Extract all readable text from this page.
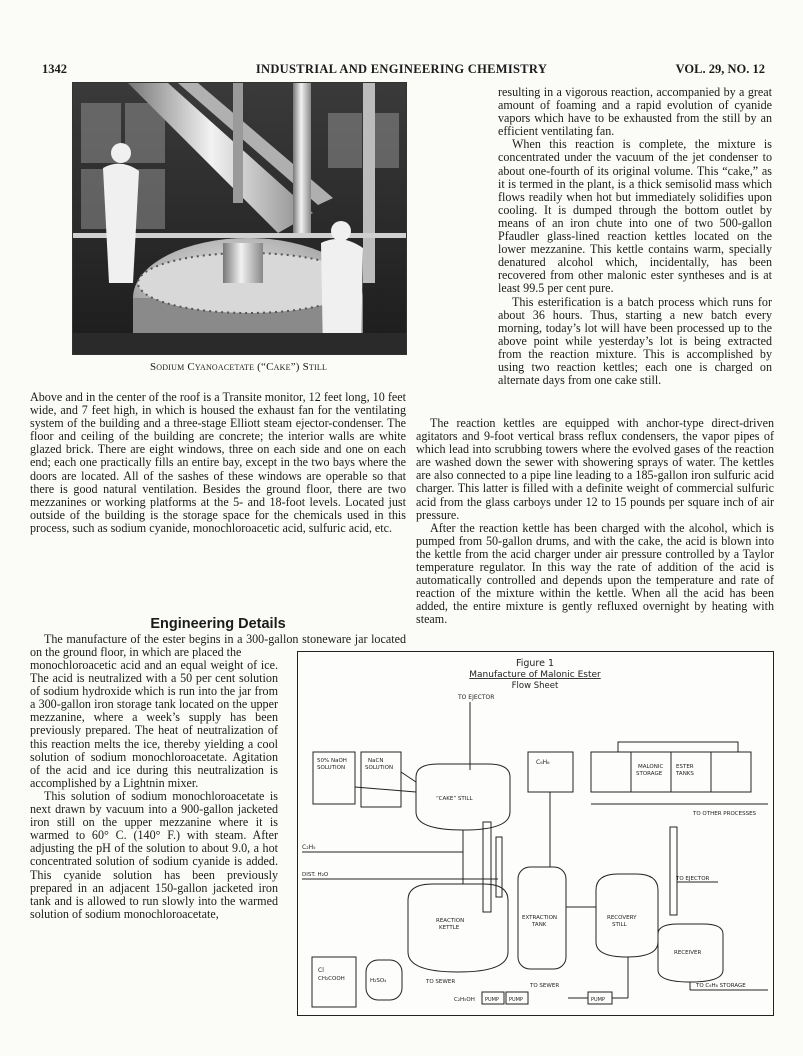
1342	INDUSTRIAL AND ENGINEERING CHEMISTRY	VOL. 29, NO. 12
Sodium Cyanoacetate (“Cake”) Still

resulting in a vigorous reaction, accompanied by a great amount of foaming and a rapid evolution of cyanide vapors which have to be exhausted from the still by an efficient ventilating fan.

When this reaction is complete, the mixture is concentrated under the vacuum of the jet condenser to about one-fourth of its original volume. This “cake,” as it is termed in the plant, is a thick semisolid mass which flows readily when hot but immediately solidifies upon cooling. It is dumped through the bottom outlet by means of an iron chute into one of two 500-gallon Pfaudler glass-lined reaction kettles located on the lower mezzanine. This kettle contains warm, specially denatured alcohol which, incidentally, has been recovered from other malonic ester syntheses and is at least 99.5 per cent pure.

This esterification is a batch process which runs for about 36 hours. Thus, starting a new batch every morning, today’s lot will have been processed up to the above point while yesterday’s lot is being extracted from the reaction mixture. This is accomplished by using two reaction kettles; each one is charged on alternate days from one cake still.

Above and in the center of the roof is a Transite monitor, 12 feet long, 10 feet wide, and 7 feet high, in which is housed the exhaust fan for the ventilating system of the building and a three-stage Elliott steam ejector-condenser. The floor and ceiling of the building are concrete; the interior walls are white glazed brick. There are eight windows, three on each side and one on each end; each one practically fills an entire bay, except in the two bays where the doors are located. All of the sashes of these windows are operable so that there is good natural ventilation. Besides the ground floor, there are two mezzanines or working platforms at the 5- and 18-foot levels. Located just outside of the building is the storage space for the chemicals used in this process, such as sodium cyanide, monochloroacetic acid, sulfuric acid, etc.

The reaction kettles are equipped with anchor-type direct-driven agitators and 9-foot vertical brass reflux condensers, the vapor pipes of which lead into scrubbing towers where the evolved gases of the reaction are washed down the sewer with showering sprays of water. The kettles are also connected to a pipe line leading to a 185-gallon iron sulfuric acid charger. This latter is filled with a definite weight of commercial sulfuric acid from the glass carboys under 12 to 15 pounds per square inch of air pressure.

After the reaction kettle has been charged with the alcohol, which is pumped from 50-gallon drums, and with the cake, the acid is blown into the kettle from the acid charger under air pressure controlled by a Taylor temperature regulator. In this way the rate of addition of the acid is automatically controlled and depends upon the temperature and rate of reaction of the mixture within the kettle. When all the acid has been added, the entire mixture is gently refluxed overnight by heating with steam.

Engineering Details

The manufacture of the ester begins in a 300-gallon stoneware jar located on the ground floor, in which are placed the

monochloroacetic acid and an equal weight of ice. The acid is neutralized with a 50 per cent solution of sodium hydroxide which is run into the jar from a 300-gallon iron storage tank located on the upper mezzanine, where a week’s supply has been previously prepared. The heat of neutralization of this reaction melts the ice, thereby yielding a cool solution of sodium monochloroacetate. Agitation of the acid and ice during this neutralization is accomplished by a Lightnin mixer.

This solution of sodium monochloroacetate is next drawn by vacuum into a 900-gallon jacketed iron still on the upper mezzanine where it is warmed to 60° C. (140° F.) with steam. After adjusting the pH of the solution to about 9.0, a hot concentrated solution of sodium cyanide is added. This cyanide solution has been previously prepared in an adjacent 150-gallon jacketed iron tank and is allowed to run slowly into the warmed solution of sodium monochloroacetate,

Figure 1
Manufacture of Malonic Ester
Flow Sheet
TO EJECTOR
50% NaOH
SOLUTION
NaCN
SOLUTION
“CAKE” STILL
C₆H₆
MALONIC
STORAGE
ESTER
TANKS
TO OTHER PROCESSES
C₂H₅
DIST. H₂O
REACTION
KETTLE
EXTRACTION
TANK
RECOVERY
STILL
TO EJECTOR
RECEIVER
TO C₆H₆ STORAGE
Cl
CH₂COOH	H₂SO₄	TO SEWER
TO SEWER
C₂H₅OH PUMP PUMP	PUMP
